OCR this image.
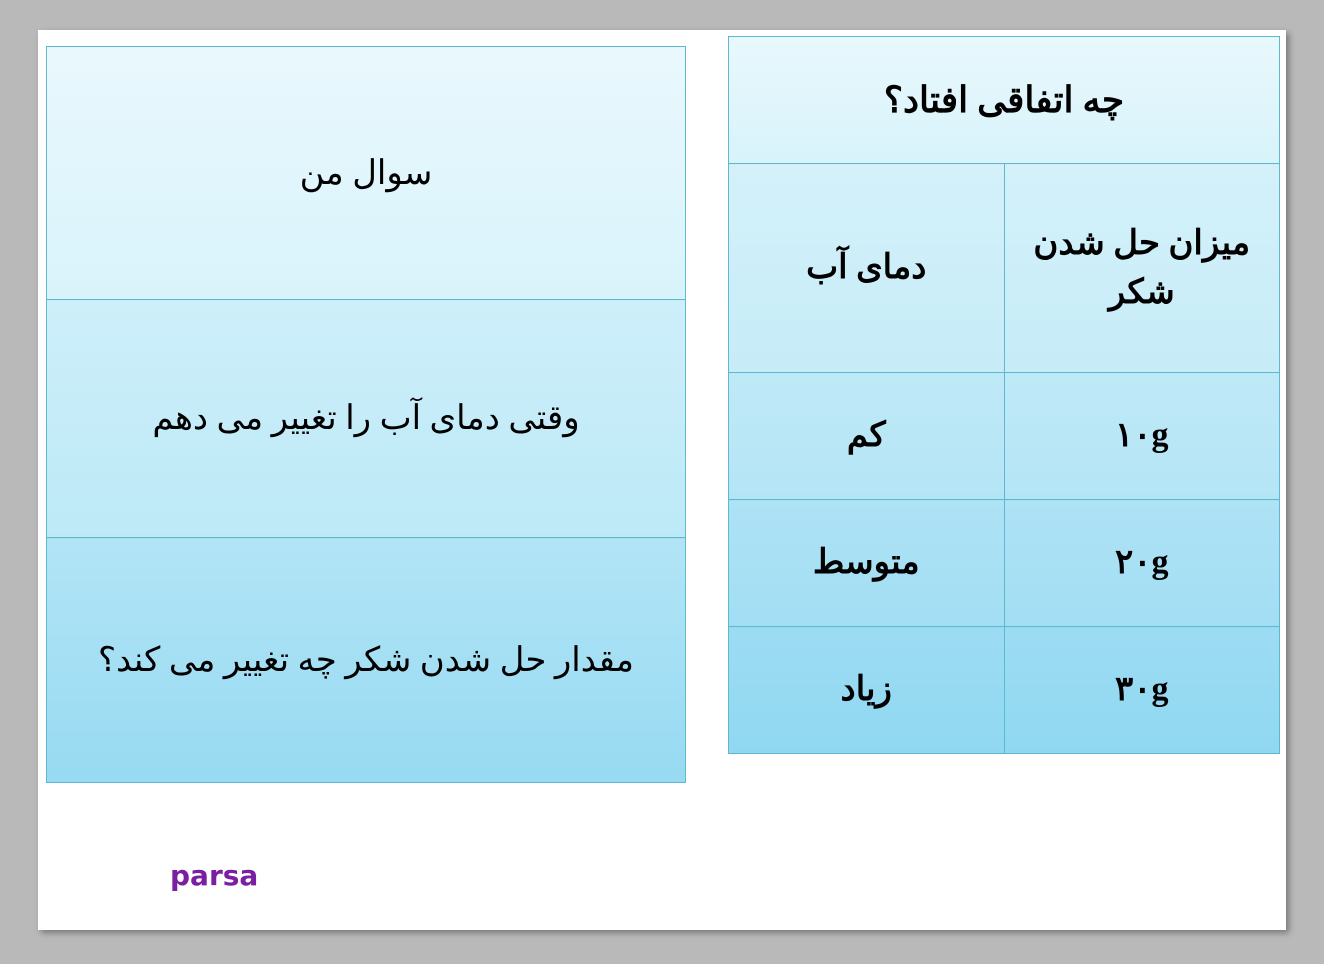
چه اتفاقی افتاد؟	
میزان حل شدن شکر	دمای آب
۱۰g	کم
۲۰g	متوسط
۳۰g	زیاد
سوال من
وقتی دمای آب را تغییر می دهم
مقدار حل شدن شکر چه تغییر می کند؟
parsa
